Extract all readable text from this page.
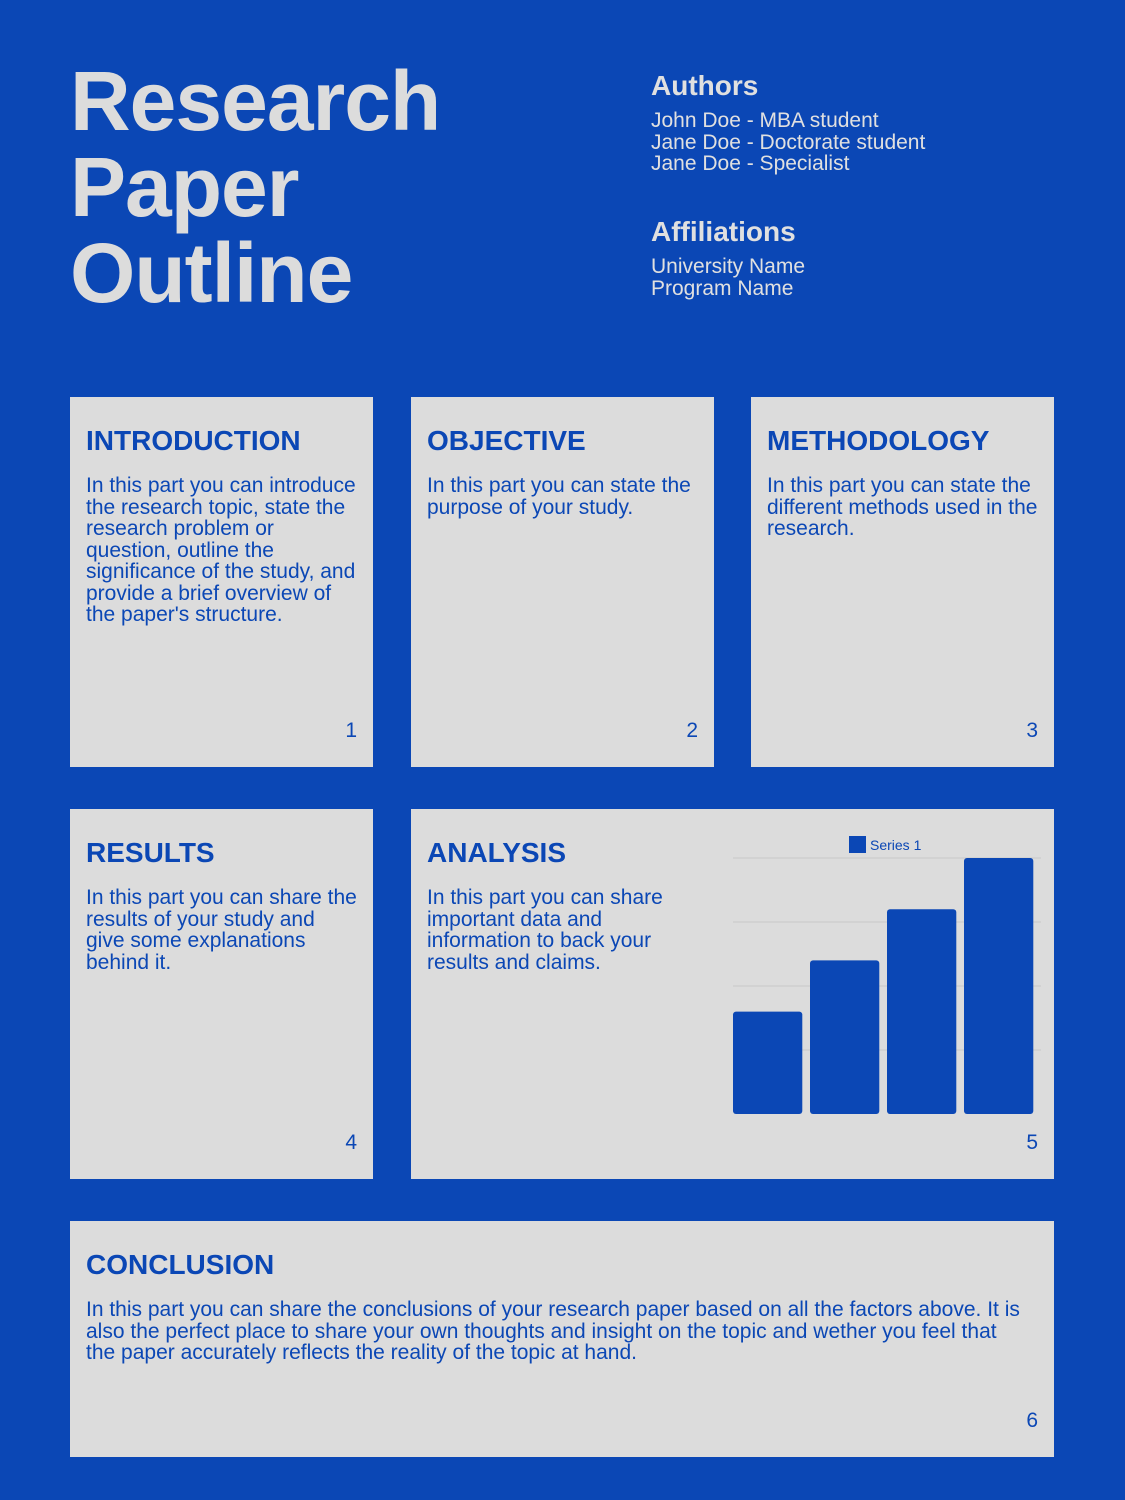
Research
Paper
Outline
Authors
John Doe - MBA student
Jane Doe - Doctorate student
Jane Doe - Specialist
Affiliations
University Name
Program Name
INTRODUCTION

In this part you can introduce the research topic, state the research problem or question, outline the significance of the study, and provide a brief overview of the paper's structure.

1
OBJECTIVE

In this part you can state the purpose of your study.

2
METHODOLOGY

In this part you can state the different methods used in the research.

3
RESULTS

In this part you can share the results of your study and give some explanations behind it.

4
ANALYSIS

In this part you can share important data and information to back your results and claims.

Series 1
5
CONCLUSION

In this part you can share the conclusions of your research paper based on all the factors above. It is also the perfect place to share your own thoughts and insight on the topic and wether you feel that the paper accurately reflects the reality of the topic at hand.

6
